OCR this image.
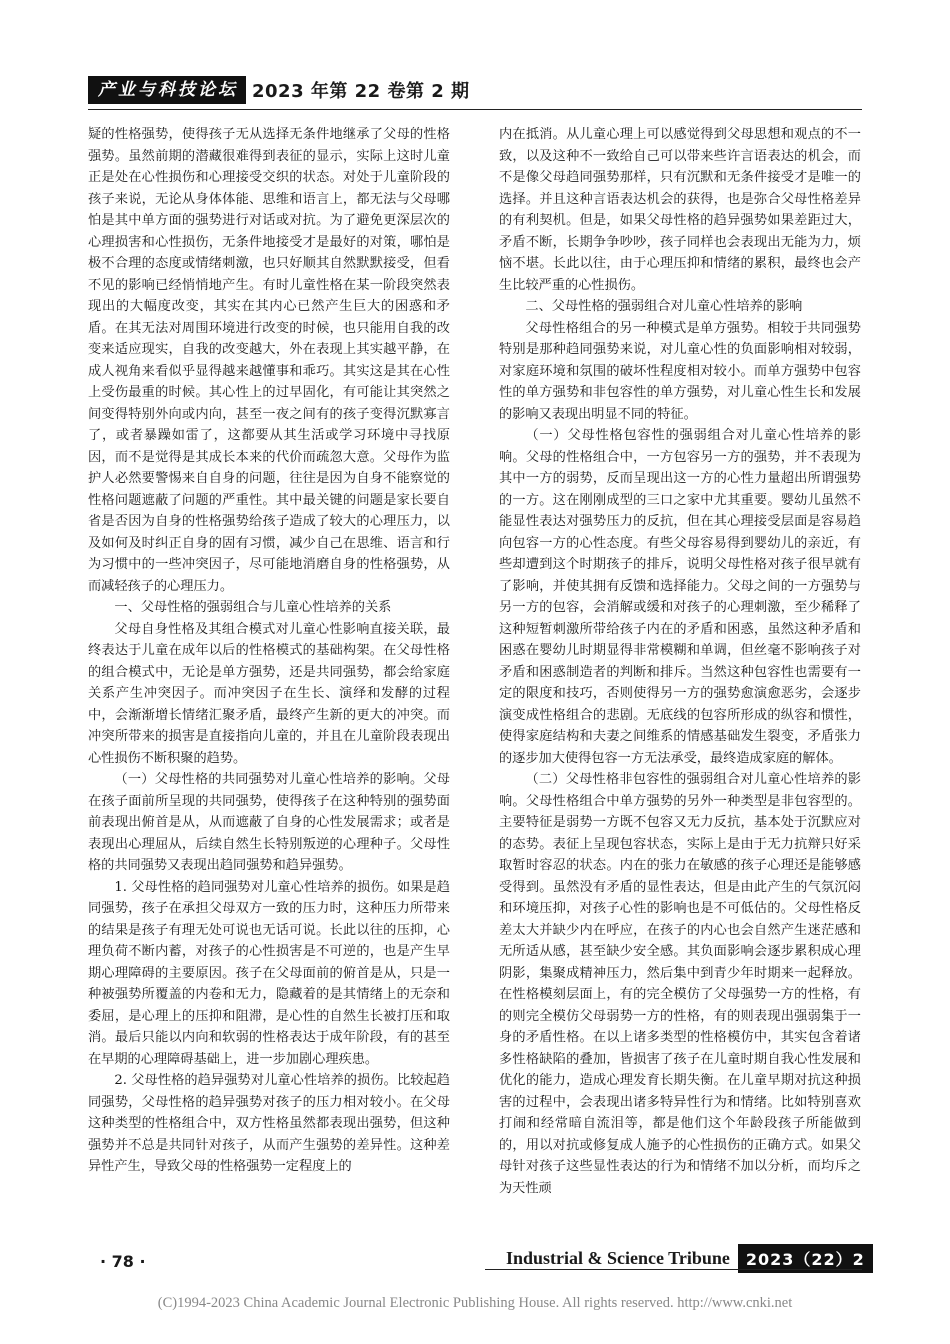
产业与科技论坛 2023 年第 22 卷第 2 期

疑的性格强势，使得孩子无从选择无条件地继承了父母的性格强势。虽然前期的潜藏很难得到表征的显示，实际上这时儿童正是处在心性损伤和心理接受交织的状态。对处于儿童阶段的孩子来说，无论从身体体能、思维和语言上，都无法与父母哪怕是其中单方面的强势进行对话或对抗。为了避免更深层次的心理损害和心性损伤，无条件地接受才是最好的对策，哪怕是极不合理的态度或情绪刺激，也只好顺其自然默默接受，但看不见的影响已经悄悄地产生。有时儿童性格在某一阶段突然表现出的大幅度改变，其实在其内心已然产生巨大的困惑和矛盾。在其无法对周围环境进行改变的时候，也只能用自我的改变来适应现实，自我的改变越大，外在表现上其实越平静，在成人视角来看似乎显得越来越懂事和乖巧。其实这是其在心性上受伤最重的时候。其心性上的过早固化，有可能让其突然之间变得特别外向或内向，甚至一夜之间有的孩子变得沉默寡言了，或者暴躁如雷了，这都要从其生活或学习环境中寻找原因，而不是觉得是其成长本来的代价而疏忽大意。父母作为监护人必然要警惕来自自身的问题，往往是因为自身不能察觉的性格问题遮蔽了问题的严重性。其中最关键的问题是家长要自省是否因为自身的性格强势给孩子造成了较大的心理压力，以及如何及时纠正自身的固有习惯，减少自己在思维、语言和行为习惯中的一些冲突因子，尽可能地消磨自身的性格强势，从而减轻孩子的心理压力。

一、父母性格的强弱组合与儿童心性培养的关系

父母自身性格及其组合模式对儿童心性影响直接关联，最终表达于儿童在成年以后的性格模式的基础构架。在父母性格的组合模式中，无论是单方强势，还是共同强势，都会给家庭关系产生冲突因子。而冲突因子在生长、演绎和发酵的过程中，会渐渐增长情绪汇聚矛盾，最终产生新的更大的冲突。而冲突所带来的损害是直接指向儿童的，并且在儿童阶段表现出心性损伤不断积聚的趋势。

（一）父母性格的共同强势对儿童心性培养的影响。父母在孩子面前所呈现的共同强势，使得孩子在这种特别的强势面前表现出俯首是从，从而遮蔽了自身的心性发展需求；或者是表现出心理屈从，后续自然生长特别叛逆的心理种子。父母性格的共同强势又表现出趋同强势和趋异强势。

1. 父母性格的趋同强势对儿童心性培养的损伤。如果是趋同强势，孩子在承担父母双方一致的压力时，这种压力所带来的结果是孩子有理无处可说也无话可说。长此以往的压抑，心理负荷不断内蓄，对孩子的心性损害是不可逆的，也是产生早期心理障碍的主要原因。孩子在父母面前的俯首是从，只是一种被强势所覆盖的内卷和无力，隐藏着的是其情绪上的无奈和委屈，是心理上的压抑和阻滞，是心性的自然生长被打压和取消。最后只能以内向和软弱的性格表达于成年阶段，有的甚至在早期的心理障碍基础上，进一步加剧心理疾患。

2. 父母性格的趋异强势对儿童心性培养的损伤。比较起趋同强势，父母性格的趋异强势对孩子的压力相对较小。在父母这种类型的性格组合中，双方性格虽然都表现出强势，但这种强势并不总是共同针对孩子，从而产生强势的差异性。这种差异性产生，导致父母的性格强势一定程度上的

内在抵消。从儿童心理上可以感觉得到父母思想和观点的不一致，以及这种不一致给自己可以带来些许言语表达的机会，而不是像父母趋同强势那样，只有沉默和无条件接受才是唯一的选择。并且这种言语表达机会的获得，也是弥合父母性格差异的有利契机。但是，如果父母性格的趋异强势如果差距过大，矛盾不断，长期争争吵吵，孩子同样也会表现出无能为力，烦恼不堪。长此以往，由于心理压抑和情绪的累积，最终也会产生比较严重的心性损伤。

二、父母性格的强弱组合对儿童心性培养的影响

父母性格组合的另一种模式是单方强势。相较于共同强势特别是那种趋同强势来说，对儿童心性的负面影响相对较弱，对家庭环境和氛围的破坏性程度相对较小。而单方强势中包容性的单方强势和非包容性的单方强势，对儿童心性生长和发展的影响又表现出明显不同的特征。

（一）父母性格包容性的强弱组合对儿童心性培养的影响。父母的性格组合中，一方包容另一方的强势，并不表现为其中一方的弱势，反而呈现出这一方的心性力量超出所谓强势的一方。这在刚刚成型的三口之家中尤其重要。婴幼儿虽然不能显性表达对强势压力的反抗，但在其心理接受层面是容易趋向包容一方的心性态度。有些父母容易得到婴幼儿的亲近，有些却遭到这个时期孩子的排斥，说明父母性格对孩子很早就有了影响，并使其拥有反馈和选择能力。父母之间的一方强势与另一方的包容，会消解或缓和对孩子的心理刺激，至少稀释了这种短暂刺激所带给孩子内在的矛盾和困惑，虽然这种矛盾和困惑在婴幼儿时期显得非常模糊和单调，但丝毫不影响孩子对矛盾和困惑制造者的判断和排斥。当然这种包容性也需要有一定的限度和技巧，否则使得另一方的强势愈演愈恶劣，会逐步演变成性格组合的悲剧。无底线的包容所形成的纵容和惯性，使得家庭结构和夫妻之间维系的情感基础发生裂变，矛盾张力的逐步加大使得包容一方无法承受，最终造成家庭的解体。

（二）父母性格非包容性的强弱组合对儿童心性培养的影响。父母性格组合中单方强势的另外一种类型是非包容型的。主要特征是弱势一方既不包容又无力反抗，基本处于沉默应对的态势。表征上呈现包容状态，实际上是由于无力抗辩只好采取暂时容忍的状态。内在的张力在敏感的孩子心理还是能够感受得到。虽然没有矛盾的显性表达，但是由此产生的气氛沉闷和环境压抑，对孩子心性的影响也是不可低估的。父母性格反差太大并缺少内在呼应，在孩子的内心也会自然产生迷茫感和无所适从感，甚至缺少安全感。其负面影响会逐步累积成心理阴影，集聚成精神压力，然后集中到青少年时期来一起释放。在性格模刻层面上，有的完全模仿了父母强势一方的性格，有的则完全模仿父母弱势一方的性格，有的则表现出强弱集于一身的矛盾性格。在以上诸多类型的性格模仿中，其实包含着诸多性格缺陷的叠加，皆损害了孩子在儿童时期自我心性发展和优化的能力，造成心理发育长期失衡。在儿童早期对抗这种损害的过程中，会表现出诸多特异性行为和情绪。比如特别喜欢打闹和经常暗自流泪等，都是他们这个年龄段孩子所能做到的，用以对抗或修复成人施予的心性损伤的正确方式。如果父母针对孩子这些显性表达的行为和情绪不加以分析，而均斥之为天性顽

· 78 ·	Industrial & Science Tribune	2023（22）2
(C)1994-2023 China Academic Journal Electronic Publishing House. All rights reserved. http://www.cnki.net
